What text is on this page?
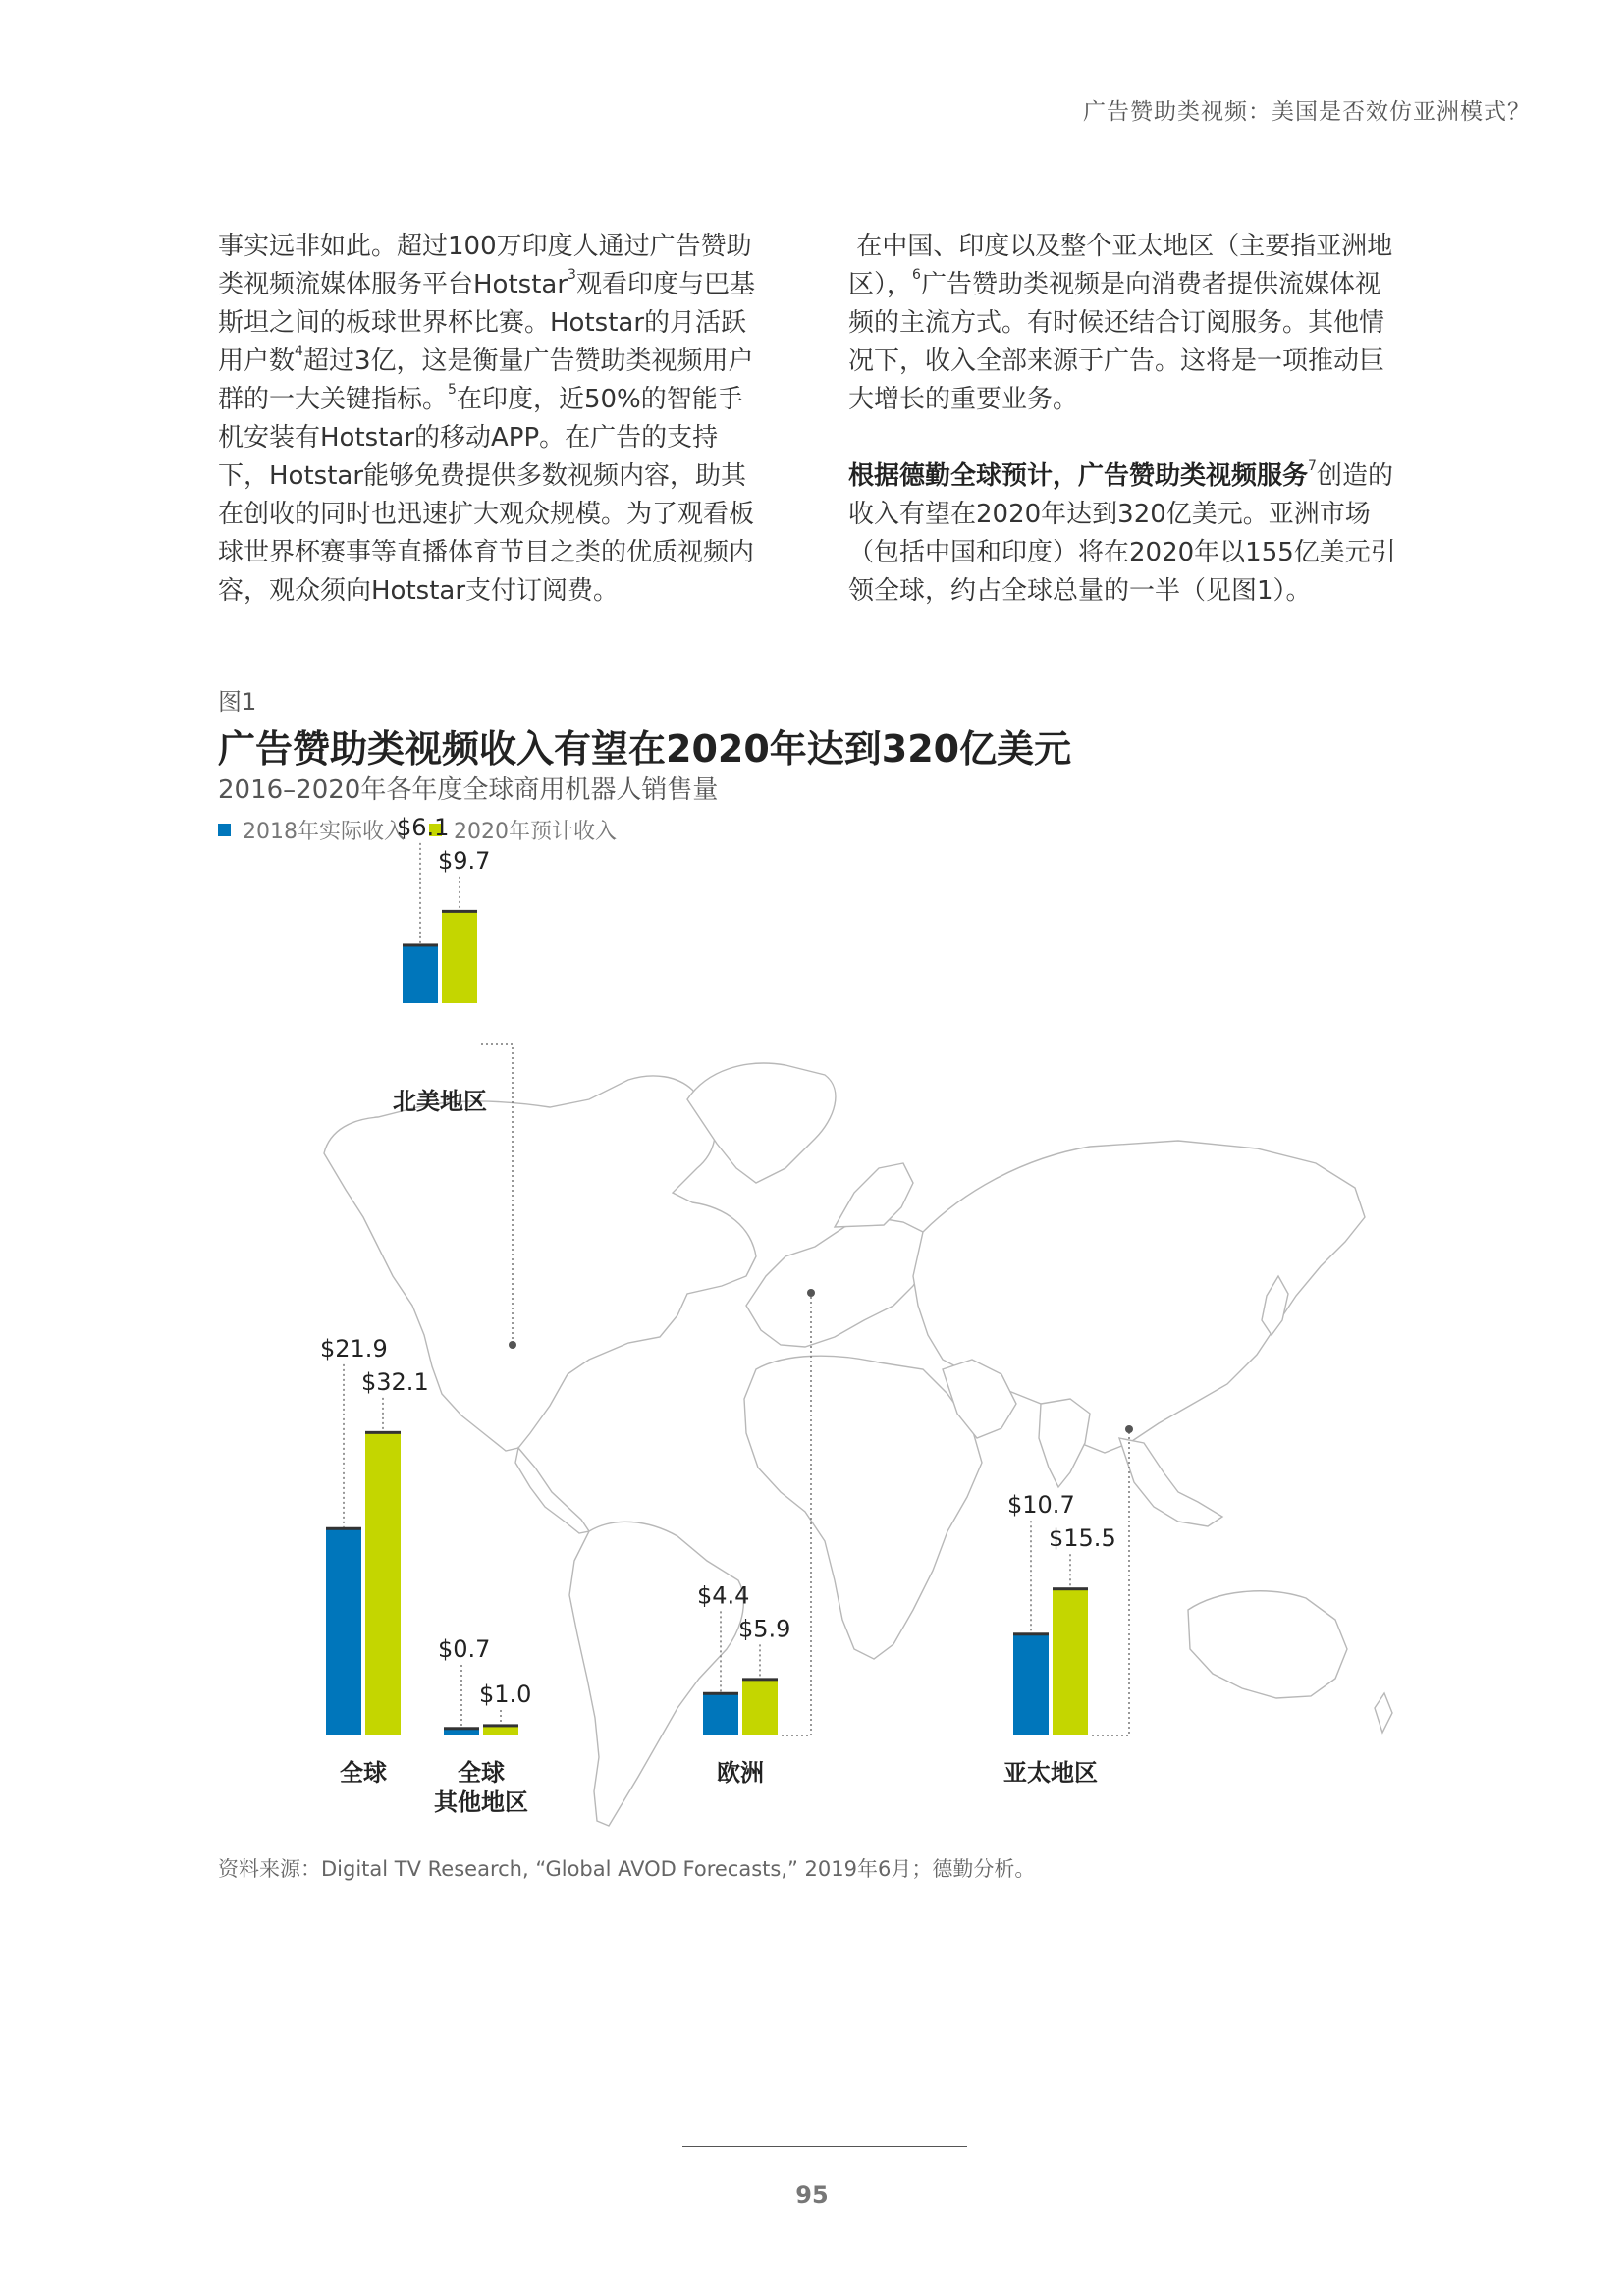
广告赞助类视频：美国是否效仿亚洲模式？

事实远非如此。超过100万印度人通过广告赞助类视频流媒体服务平台Hotstar$^3$观看印度与巴基斯坦之间的板球世界杯比赛。Hotstar的月活跃用户数$^4$超过3亿，这是衡量广告赞助类视频用户群的一大关键指标。$^5$在印度，近50%的智能手机安装有Hotstar的移动APP。在广告的支持下，Hotstar能够免费提供多数视频内容，助其在创收的同时也迅速扩大观众规模。为了观看板球世界杯赛事等直播体育节目之类的优质视频内容，观众须向Hotstar支付订阅费。

在中国、印度以及整个亚太地区（主要指亚洲地区），$^6$广告赞助类视频是向消费者提供流媒体视频的主流方式。有时候还结合订阅服务。其他情况下，收入全部来源于广告。这将是一项推动巨大增长的重要业务。

根据德勤全球预计，广告赞助类视频服务$^7$创造的收入有望在2020年达到320亿美元。亚洲市场（包括中国和印度）将在2020年以155亿美元引领全球，约占全球总量的一半（见图1）。

图1
广告赞助类视频收入有望在2020年达到320亿美元
2016–2020年各年度全球商用机器人销售量
2018年实际收入 2020年预计收入
$6.1
$9.7
北美地区
$21.9
$32.1
全球
$0.7
$1.0
全球
其他地区
$4.4
$5.9
欧洲
$10.7
$15.5
亚太地区
资料来源：Digital TV Research, “Global AVOD Forecasts,” 2019年6月；德勤分析。
95
